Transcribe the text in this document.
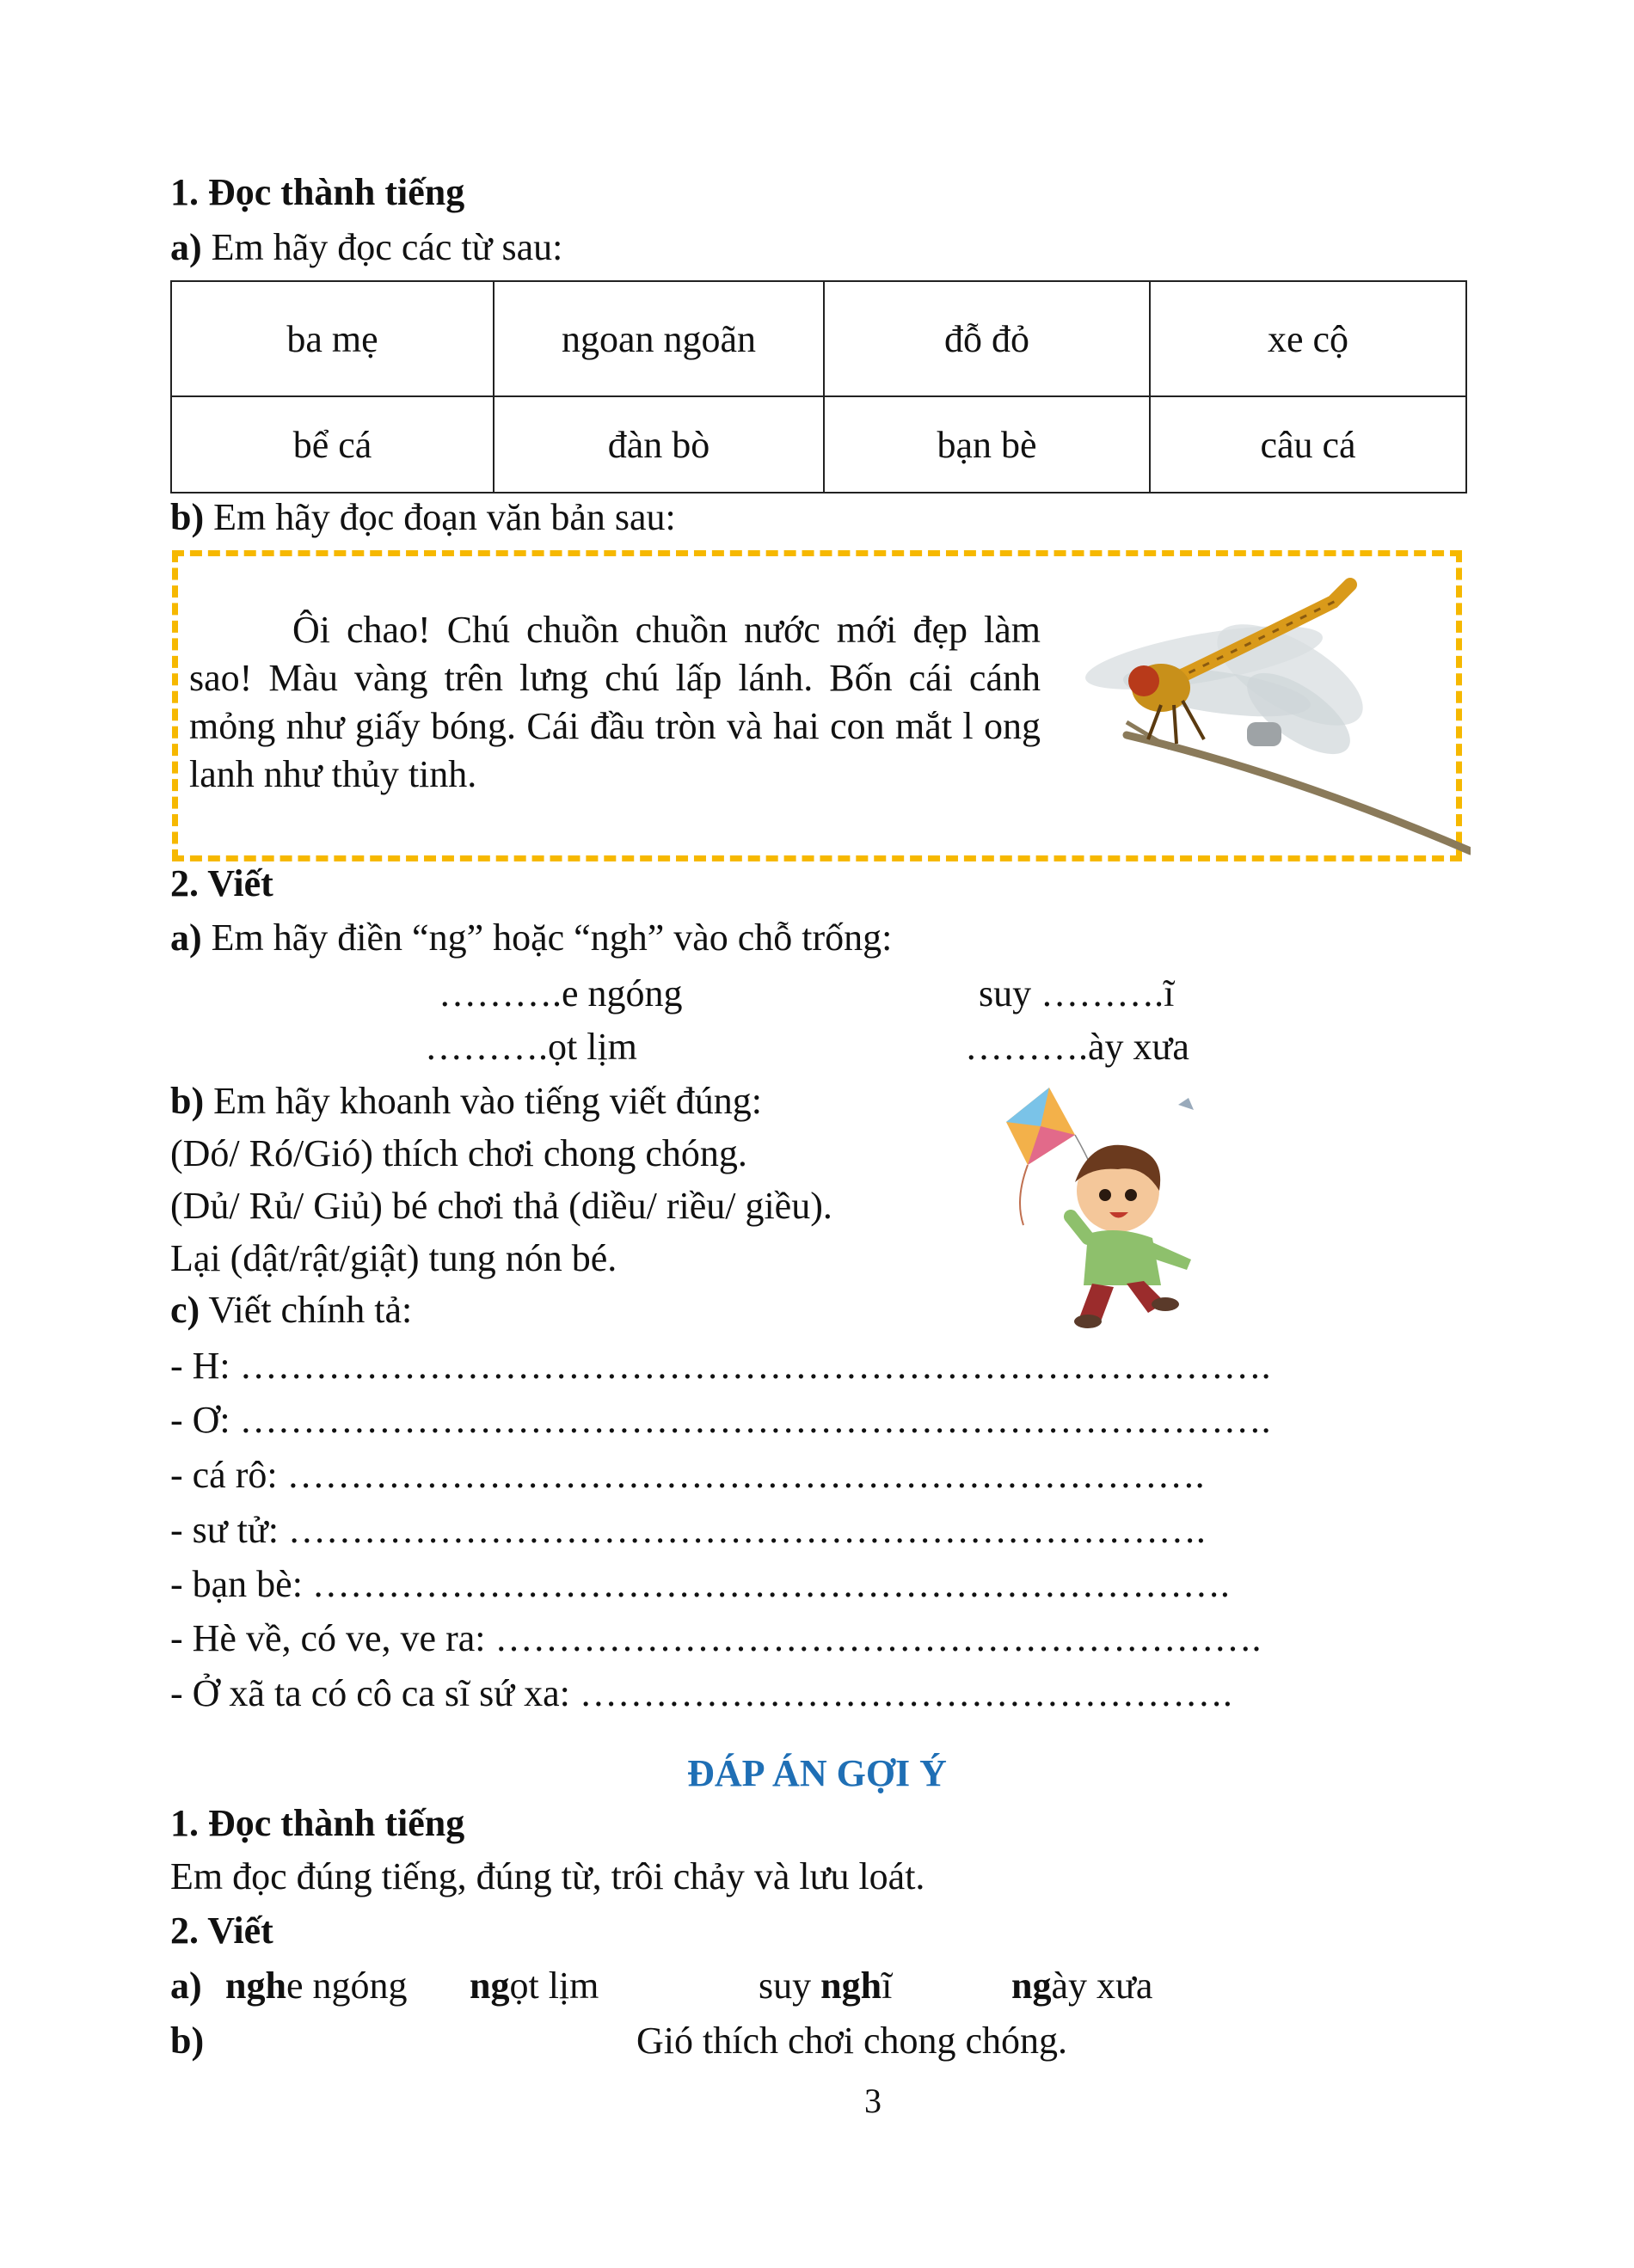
1. Đọc thành tiếng
a) Em hãy đọc các từ sau:
ba mẹ	ngoan ngoãn	đỗ đỏ	xe cộ
bể cá	đàn bò	bạn bè	câu cá
b) Em hãy đọc đoạn văn bản sau:
Ôi chao! Chú chuồn chuồn nước mới đẹp làm sao! Màu vàng trên lưng chú lấp lánh. Bốn cái cánh mỏng như giấy bóng. Cái đầu tròn và hai con mắt l ong lanh như thủy tinh.
2. Viết
a) Em hãy điền “ng” hoặc “ngh” vào chỗ trống:
……….e ngóng	suy ……….ĩ
……….ọt lịm	……….ày xưa
b) Em hãy khoanh vào tiếng viết đúng:
(Dó/ Ró/Gió) thích chơi chong chóng.
(Dủ/ Rủ/ Giủ) bé chơi thả (diều/ riều/ giều).
Lại (dật/rật/giật) tung nón bé.
c) Viết chính tả:
- H: ……………………………………………………………………….
- Ơ: ……………………………………………………………………….
- cá rô: ……………………………………………………………….
- sư tử: ……………………………………………………………….
- bạn bè: ……………………………………………………………….
- Hè về, có ve, ve ra: …………………………………………………….
- Ở xã ta có cô ca sĩ sứ xa: …………………………………………….
ĐÁP ÁN GỢI Ý
1. Đọc thành tiếng
Em đọc đúng tiếng, đúng từ, trôi chảy và lưu loát.
2. Viết
a) nghe ngóng ngọt lịm	suy nghĩ	ngày xưa
b)	Gió thích chơi chong chóng.
3
